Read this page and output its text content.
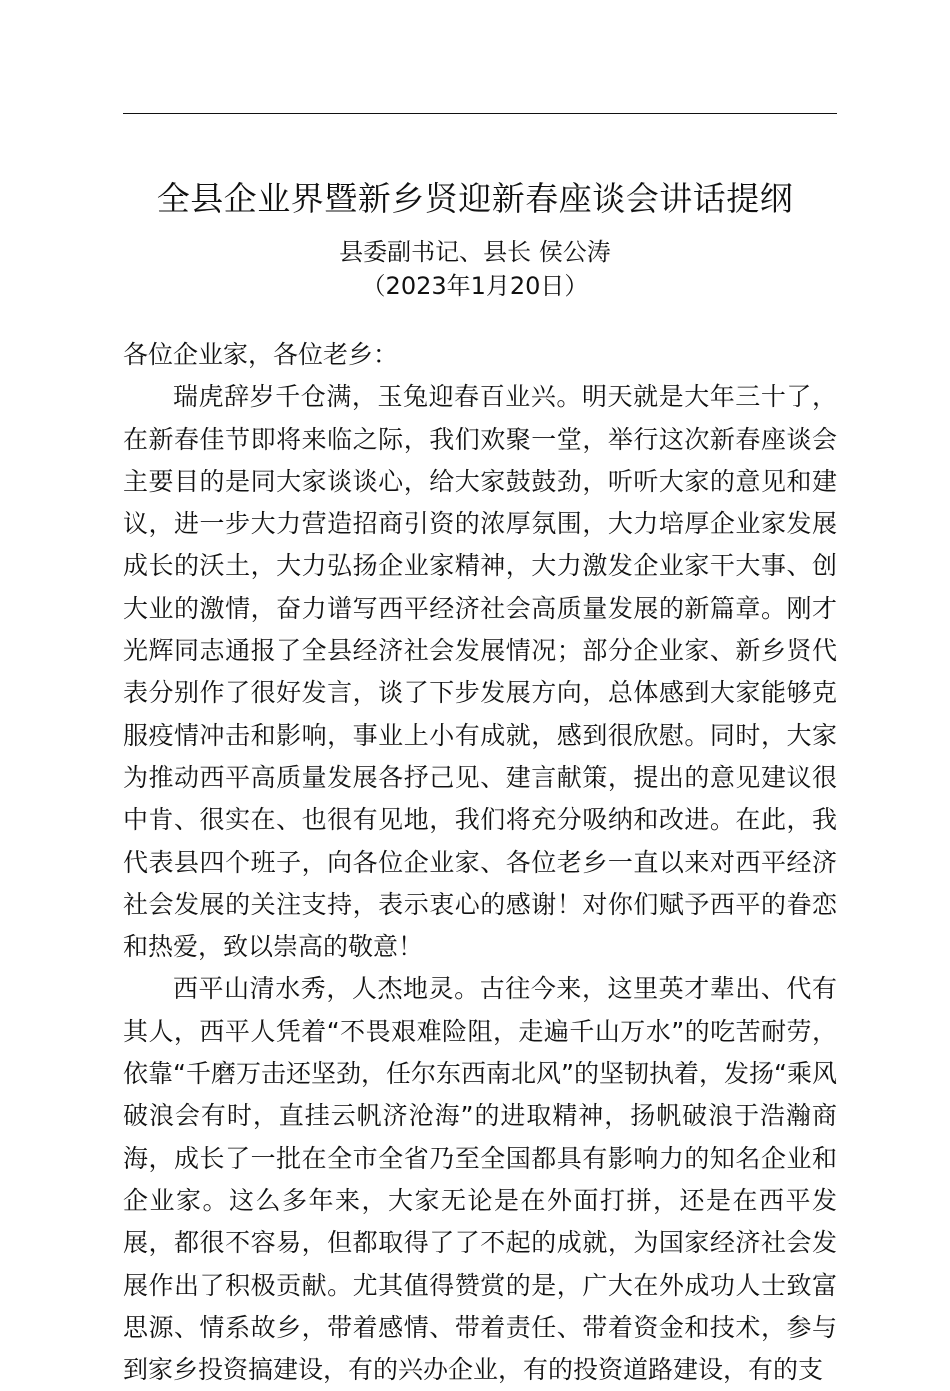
全县企业界暨新乡贤迎新春座谈会讲话提纲
县委副书记、县长 侯公涛
（2023年1月20日）

各位企业家，各位老乡：

瑞虎辞岁千仓满，玉兔迎春百业兴。明天就是大年三十了，在新春佳节即将来临之际，我们欢聚一堂，举行这次新春座谈会主要目的是同大家谈谈心，给大家鼓鼓劲，听听大家的意见和建议，进一步大力营造招商引资的浓厚氛围，大力培厚企业家发展成长的沃土，大力弘扬企业家精神，大力激发企业家干大事、创大业的激情，奋力谱写西平经济社会高质量发展的新篇章。刚才光辉同志通报了全县经济社会发展情况；部分企业家、新乡贤代表分别作了很好发言，谈了下步发展方向，总体感到大家能够克服疫情冲击和影响，事业上小有成就，感到很欣慰。同时，大家为推动西平高质量发展各抒己见、建言献策，提出的意见建议很中肯、很实在、也很有见地，我们将充分吸纳和改进。在此，我代表县四个班子，向各位企业家、各位老乡一直以来对西平经济社会发展的关注支持，表示衷心的感谢！对你们赋予西平的眷恋和热爱，致以崇高的敬意！

西平山清水秀，人杰地灵。古往今来，这里英才辈出、代有其人，西平人凭着“不畏艰难险阻，走遍千山万水”的吃苦耐劳，依靠“千磨万击还坚劲，任尔东西南北风”的坚韧执着，发扬“乘风破浪会有时，直挂云帆济沧海”的进取精神，扬帆破浪于浩瀚商海，成长了一批在全市全省乃至全国都具有影响力的知名企业和企业家。这么多年来，大家无论是在外面打拼，还是在西平发展，都很不容易，但都取得了了不起的成就，为国家经济社会发展作出了积极贡献。尤其值得赞赏的是，广大在外成功人士致富思源、情系故乡，带着感情、带着责任、带着资金和技术，参与到家乡投资搞建设，有的兴办企业，有的投资道路建设，有的支
